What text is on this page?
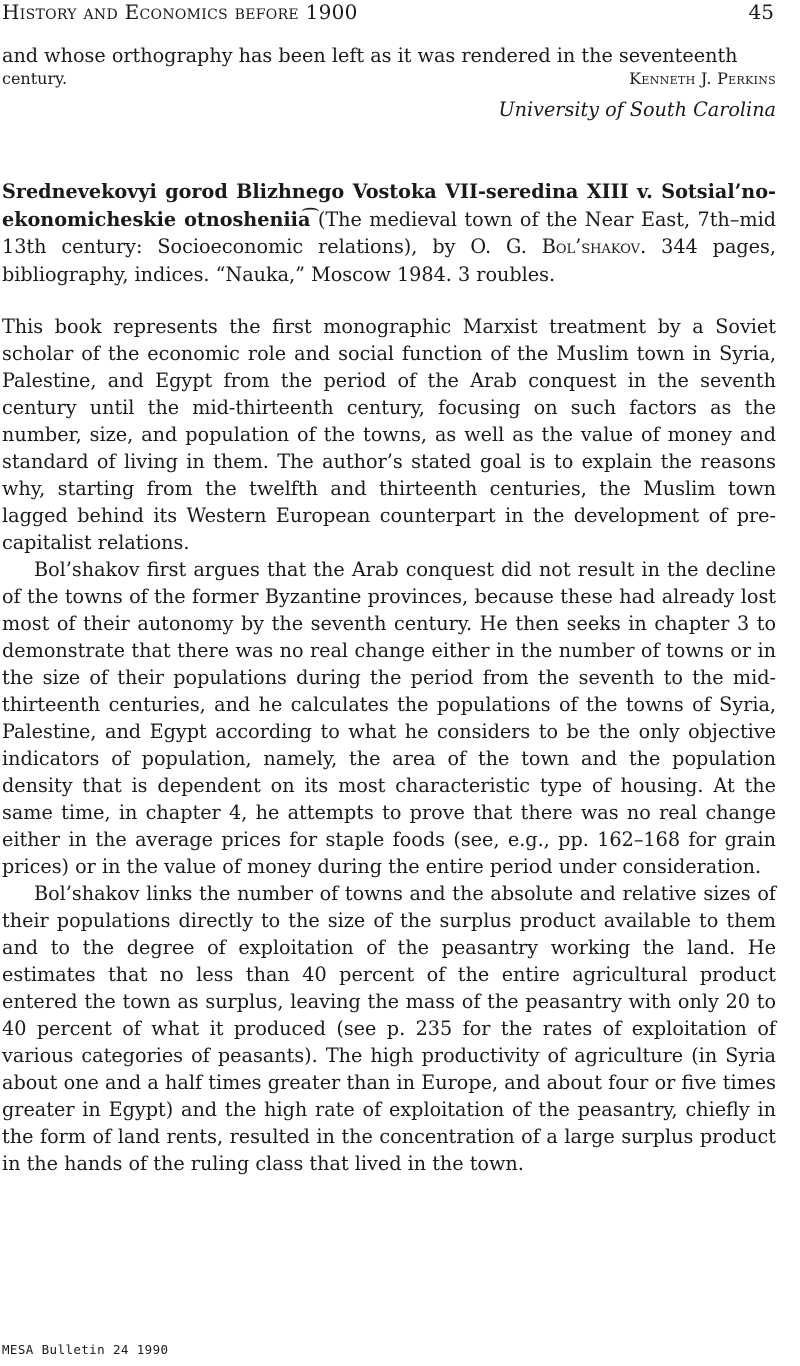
History and Economics before 1900	45

and whose orthography has been left as it was rendered in the seventeenth

century.	Kenneth J. Perkins

University of South Carolina

Srednevekovyi gorod Blizhnego Vostoka VII-seredina XIII v. Sotsial’no-ekonomicheskie otnosheniia͡ (The medieval town of the Near East, 7th–mid 13th century: Socioeconomic relations), by O. G. Bol’shakov. 344 pages, bibliography, indices. “Nauka,” Moscow 1984. 3 roubles.

This book represents the first monographic Marxist treatment by a Soviet scholar of the economic role and social function of the Muslim town in Syria, Palestine, and Egypt from the period of the Arab conquest in the seventh century until the mid-thirteenth century, focusing on such factors as the number, size, and population of the towns, as well as the value of money and standard of living in them. The author’s stated goal is to explain the reasons why, starting from the twelfth and thirteenth centuries, the Muslim town lagged behind its Western European counterpart in the development of pre-capitalist relations.

Bol’shakov first argues that the Arab conquest did not result in the decline of the towns of the former Byzantine provinces, because these had already lost most of their autonomy by the seventh century. He then seeks in chapter 3 to demonstrate that there was no real change either in the number of towns or in the size of their populations during the period from the seventh to the mid-thirteenth centuries, and he calculates the populations of the towns of Syria, Palestine, and Egypt according to what he considers to be the only objective indicators of population, namely, the area of the town and the population density that is dependent on its most characteristic type of housing. At the same time, in chapter 4, he attempts to prove that there was no real change either in the average prices for staple foods (see, e.g., pp. 162–168 for grain prices) or in the value of money during the entire period under consideration.

Bol’shakov links the number of towns and the absolute and relative sizes of their populations directly to the size of the surplus product available to them and to the degree of exploitation of the peasantry working the land. He estimates that no less than 40 percent of the entire agricultural product entered the town as surplus, leaving the mass of the peasantry with only 20 to 40 percent of what it produced (see p. 235 for the rates of exploitation of various categories of peasants). The high productivity of agriculture (in Syria about one and a half times greater than in Europe, and about four or five times greater in Egypt) and the high rate of exploitation of the peasantry, chiefly in the form of land rents, resulted in the concentration of a large surplus product in the hands of the ruling class that lived in the town.

MESA Bulletin 24 1990
